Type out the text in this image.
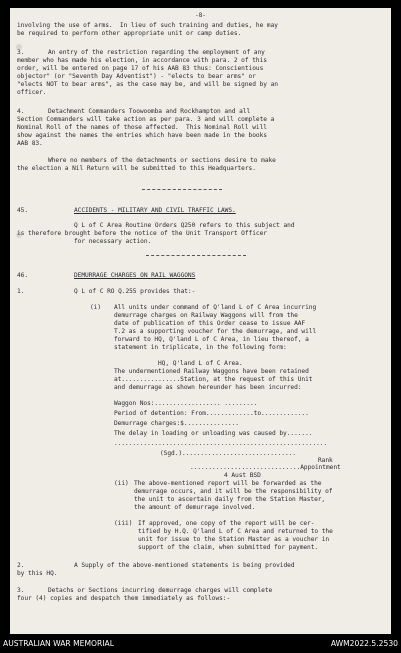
-8-
involving the use of arms.  In lieu of such training and duties, he may
be required to perform other appropriate unit or camp duties.
3.	An entry of the restriction regarding the employment of any
member who has made his election, in accordance with para. 2 of this
order, will be entered on page 17 of his AAB 83 thus: Conscientious
objector" (or "Seventh Day Adventist") - "elects to bear arms" or
"elects NOT to bear arms", as the case may be, and will be signed by an
officer.
4.	Detachment Commanders Toowoomba and Rockhampton and all
Section Commanders will take action as per para. 3 and will complete a
Nominal Roll of the names of those affected.  This Nominal Roll will
show against the names the entries which have been made in the books
AAB 83.
Where no members of the detachments or sections desire to make
the election a Nil Return will be submitted to this Headquarters.
45.	ACCIDENTS - MILITARY AND CIVIL TRAFFIC LAWS.
Q L of C Area Routine Orders Q250 refers to this subject and
is therefore brought before the notice of the Unit Transport Officer
for necessary action.
46.	DEMURRAGE CHARGES ON RAIL WAGGONS
1.	Q L of C RO Q.255 provides that:-
(i) All units under command of Q'land L of C Area incurring
demurrage charges on Railway Waggons will from the
date of publication of this Order cease to issue AAF
T.2 as a supporting voucher for the demurrage, and will
forward to HQ, Q'land L of C Area, in lieu thereof, a
statement in triplicate, in the following form:
HQ, Q'land L of C Area.
The undermentioned Railway Waggons have been retained
at................Station, at the request of this Unit
and demurrage as shown hereunder has been incurred:
Waggon Nos:.................. .........
Period of detention: From.............to.............
Demurrage charges:$...............
The delay in loading or unloading was caused by.......
..........................................................
(Sgd.)...............................
Rank
..............................Appointment
4 Aust BSD
(ii) The above-mentioned report will be forwarded as the
demurrage occurs, and it will be the responsibility of
the unit to ascertain daily from the Station Master,
the amount of demurrage involved.
(iii) If approved, one copy of the report will be cer-
tified by H.Q. Q'land L of C Area and returned to the
unit for issue to the Station Master as a voucher in
support of the claim, when submitted for payment.
2.	A Supply of the above-mentioned statements is being provided
by this HQ.
3.	Detachs or Sections incurring demurrage charges will complete
four (4) copies and despatch them immediately as follows:-
AUSTRALIAN WAR MEMORIAL	AWM2022.5.2530
